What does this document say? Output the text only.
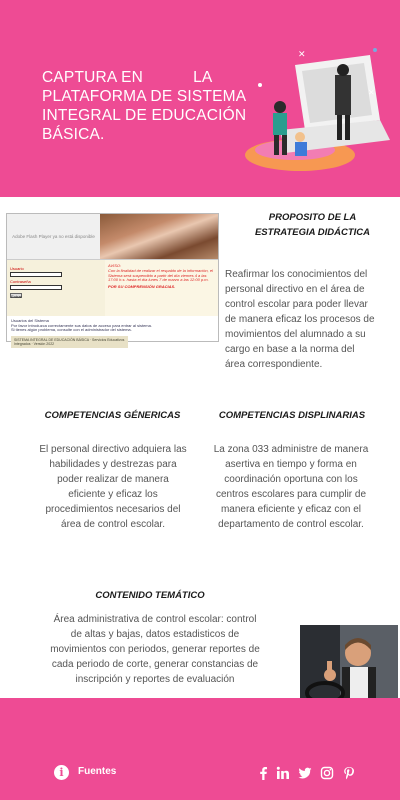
CAPTURA EN	LA PLATAFORMA DE SISTEMA INTEGRAL DE EDUCACIÓN BÁSICA.
✕
✕
Adobe Flash Player ya no está disponible
Usuario
Contraseña
Entrar
AVISO:
Con la finalidad de realizar el respaldo de la información, el Sistema será suspendido a partir del día viernes 4 a las 17:00 h.s. hasta el día lunes 7 de marzo a las 12:00 p.m.
POR SU COMPRENSIÓN GRACIAS.
Usuarios del Sistema
Por favor introduzca correctamente sus datos de acceso para entrar al sistema.
Si tienes algún problema, consulte con el administrador del sistema.
SISTEMA INTEGRAL DE EDUCACIÓN BÁSICA · Servicios Educativos Integrados · Versión 2022
PROPOSITO DE LA ESTRATEGIA DIDÁCTICA
Reafirmar los conocimientos del personal directivo en el área de control escolar para poder llevar de manera eficaz los procesos de movimientos del alumnado a su cargo en base a la norma del área correspondiente.
COMPETENCIAS GÉNERICAS
El personal directivo adquiera las habilidades y destrezas para poder realizar de manera eficiente y eficaz los procedimientos necesarios del área de control escolar.
COMPETENCIAS DISPLINARIAS
La zona 033 administre de manera asertiva en tiempo y forma en coordinación oportuna con los centros escolares para cumplir de manera eficiente y eficaz con el departamento de control escolar.
CONTENIDO TEMÁTICO
Área administrativa de control escolar: control de altas y bajas, datos estadisticos de movimientos con periodos, generar reportes de cada periodo de corte, generar constancias de inscripción y reportes de evaluación
i	Fuentes
